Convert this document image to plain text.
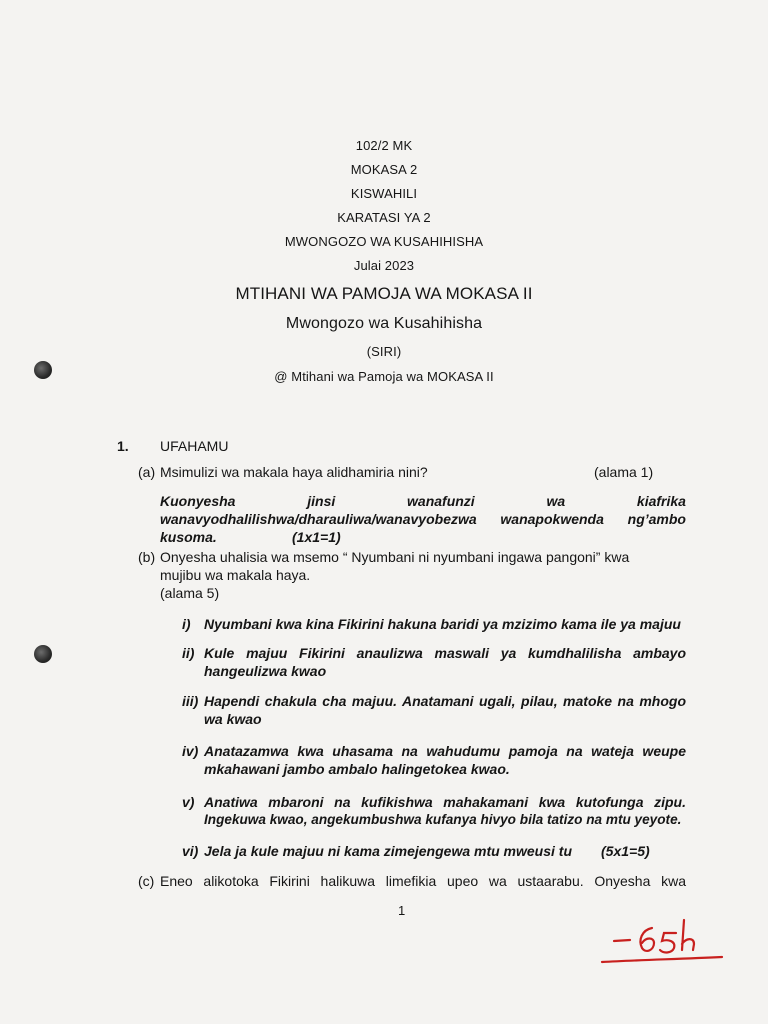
102/2 MK
MOKASA 2
KISWAHILI
KARATASI YA 2
MWONGOZO WA KUSAHIHISHA
Julai 2023
MTIHANI WA PAMOJA WA MOKASA II
Mwongozo wa Kusahihisha
(SIRI)
@ Mtihani wa Pamoja wa MOKASA II
1. UFAHAMU
(a) Msimulizi wa makala haya alidhamiria nini?	(alama 1)
Kuonyesha	jinsi	wanafunzi	wa	kiafrika
wanavyodhalilishwa/dharauliwa/wanavyobezwa wanapokwenda ng’ambo
kusoma.	(1x1=1)
(b) Onyesha uhalisia wa msemo “ Nyumbani ni nyumbani ingawa pangoni” kwa
mujibu wa makala haya.
(alama 5)
i) Nyumbani kwa kina Fikirini hakuna baridi ya mzizimo kama ile ya majuu
ii) Kule majuu Fikirini anaulizwa maswali ya kumdhalilisha ambayo
hangeulizwa kwao
iii) Hapendi chakula cha majuu. Anatamani ugali, pilau, matoke na mhogo
wa kwao
iv) Anatazamwa kwa uhasama na wahudumu pamoja na wateja weupe
mkahawani jambo ambalo halingetokea kwao.
v) Anatiwa mbaroni na kufikishwa mahakamani kwa kutofunga zipu.
Ingekuwa kwao, angekumbushwa kufanya hivyo bila tatizo na mtu yeyote.
vi) Jela ja kule majuu ni kama zimejengewa mtu mweusi tu (5x1=5)
(c) Eneo alikotoka Fikirini halikuwa limefikia upeo wa ustaarabu. Onyesha kwa
1
